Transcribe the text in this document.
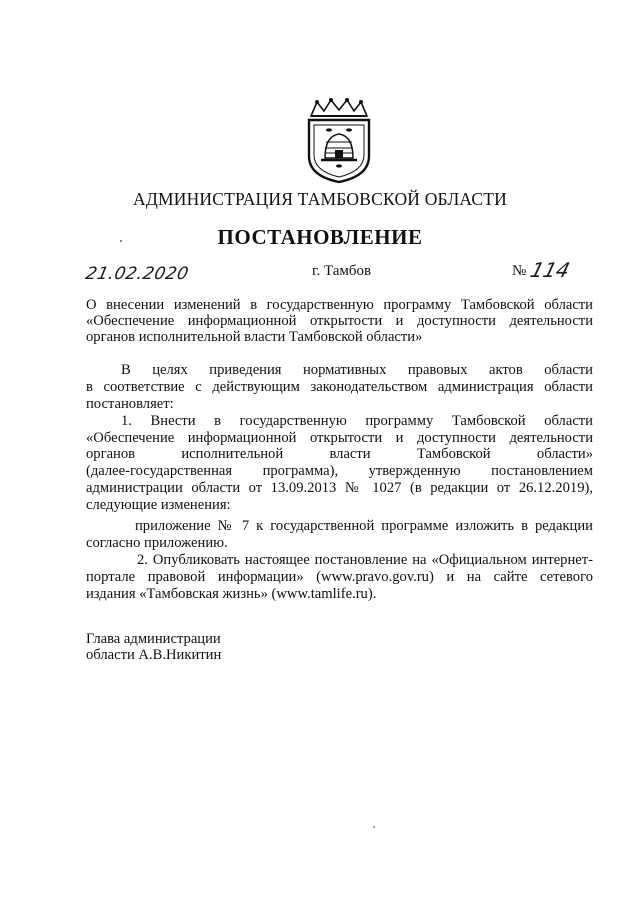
АДМИНИСТРАЦИЯ ТАМБОВСКОЙ ОБЛАСТИ
ПОСТАНОВЛЕНИЕ
21.02.2020	г. Тамбов	№ 114
О внесении изменений в государственную программу Тамбовской области
«Обеспечение информационной открытости и доступности деятельности
органов исполнительной власти Тамбовской области»
В целях приведения нормативных правовых актов области
в соответствие с действующим законодательством администрация области
постановляет:
1. Внести в государственную программу Тамбовской области
«Обеспечение информационной открытости и доступности деятельности
органов исполнительной власти Тамбовской области»
(далее-государственная программа), утвержденную постановлением
администрации области от 13.09.2013 № 1027 (в редакции от 26.12.2019),
следующие изменения:
приложение № 7 к государственной программе изложить в редакции
согласно приложению.
2. Опубликовать настоящее постановление на «Официальном интернет-
портале правовой информации» (www.pravo.gov.ru) и на сайте сетевого
издания «Тамбовская жизнь» (www.tamlife.ru).
Глава администрации
области А.В.Никитин
